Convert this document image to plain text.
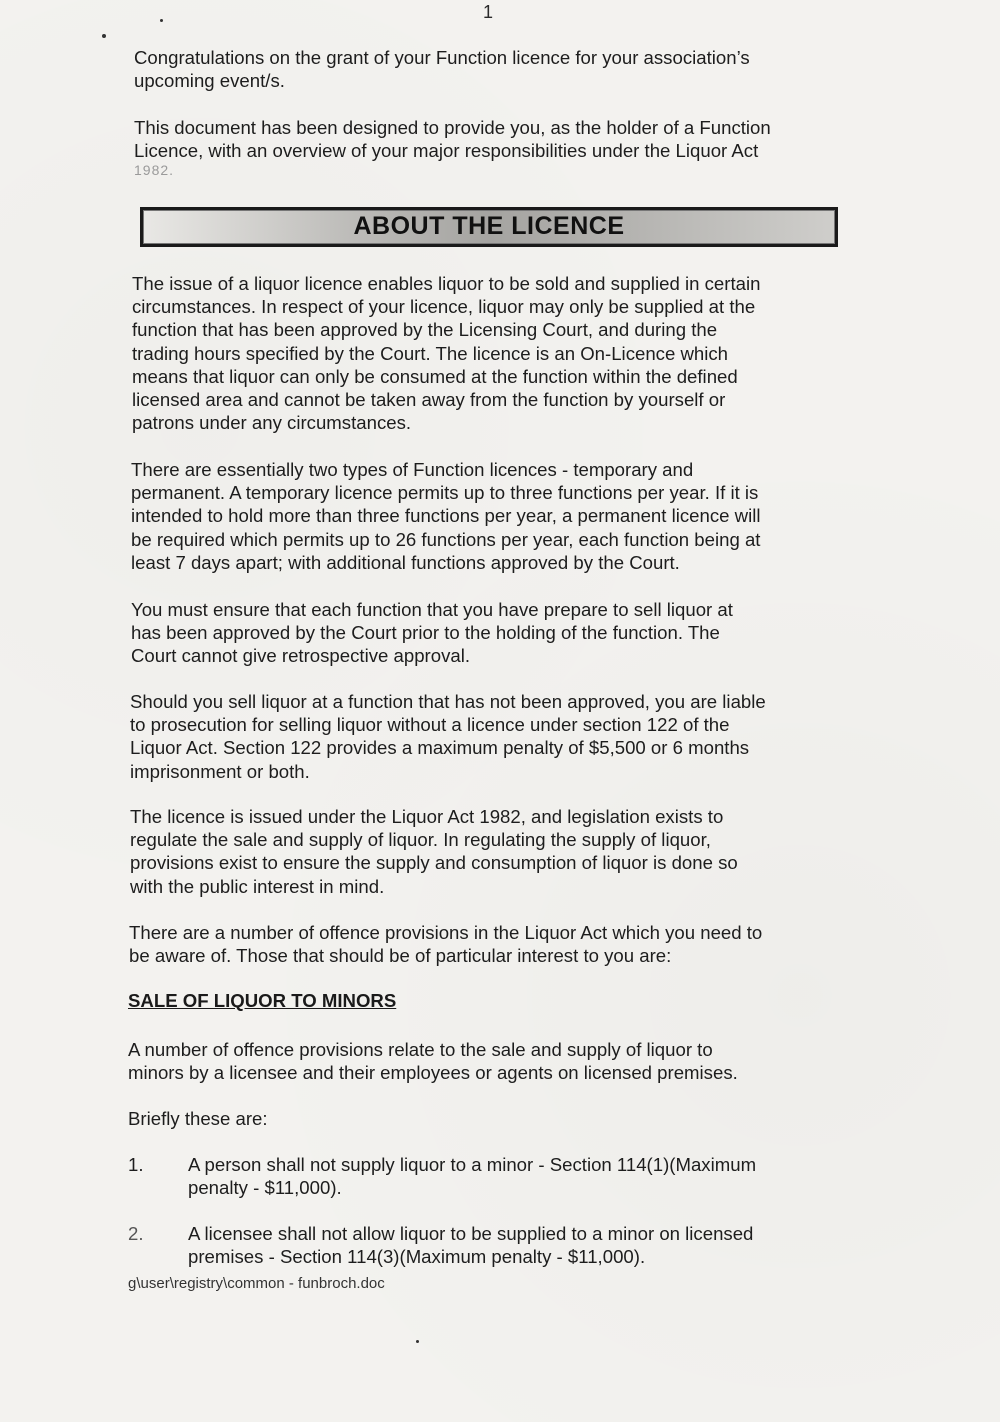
1

Congratulations on the grant of your Function licence for your association’s
upcoming event/s.

This document has been designed to provide you, as the holder of a Function
Licence, with an overview of your major responsibilities under the Liquor Act
1982.

ABOUT THE LICENCE

The issue of a liquor licence enables liquor to be sold and supplied in certain
circumstances. In respect of your licence, liquor may only be supplied at the
function that has been approved by the Licensing Court, and during the
trading hours specified by the Court. The licence is an On-Licence which
means that liquor can only be consumed at the function within the defined
licensed area and cannot be taken away from the function by yourself or
patrons under any circumstances.

There are essentially two types of Function licences - temporary and
permanent. A temporary licence permits up to three functions per year. If it is
intended to hold more than three functions per year, a permanent licence will
be required which permits up to 26 functions per year, each function being at
least 7 days apart; with additional functions approved by the Court.

You must ensure that each function that you have prepare to sell liquor at
has been approved by the Court prior to the holding of the function. The
Court cannot give retrospective approval.

Should you sell liquor at a function that has not been approved, you are liable
to prosecution for selling liquor without a licence under section 122 of the
Liquor Act. Section 122 provides a maximum penalty of $5,500 or 6 months
imprisonment or both.

The licence is issued under the Liquor Act 1982, and legislation exists to
regulate the sale and supply of liquor. In regulating the supply of liquor,
provisions exist to ensure the supply and consumption of liquor is done so
with the public interest in mind.

There are a number of offence provisions in the Liquor Act which you need to
be aware of. Those that should be of particular interest to you are:

SALE OF LIQUOR TO MINORS

A number of offence provisions relate to the sale and supply of liquor to
minors by a licensee and their employees or agents on licensed premises.

Briefly these are:

1. A person shall not supply liquor to a minor - Section 114(1)(Maximum
penalty - $11,000).
2. A licensee shall not allow liquor to be supplied to a minor on licensed
premises - Section 114(3)(Maximum penalty - $11,000).
g\user\registry\common - funbroch.doc
